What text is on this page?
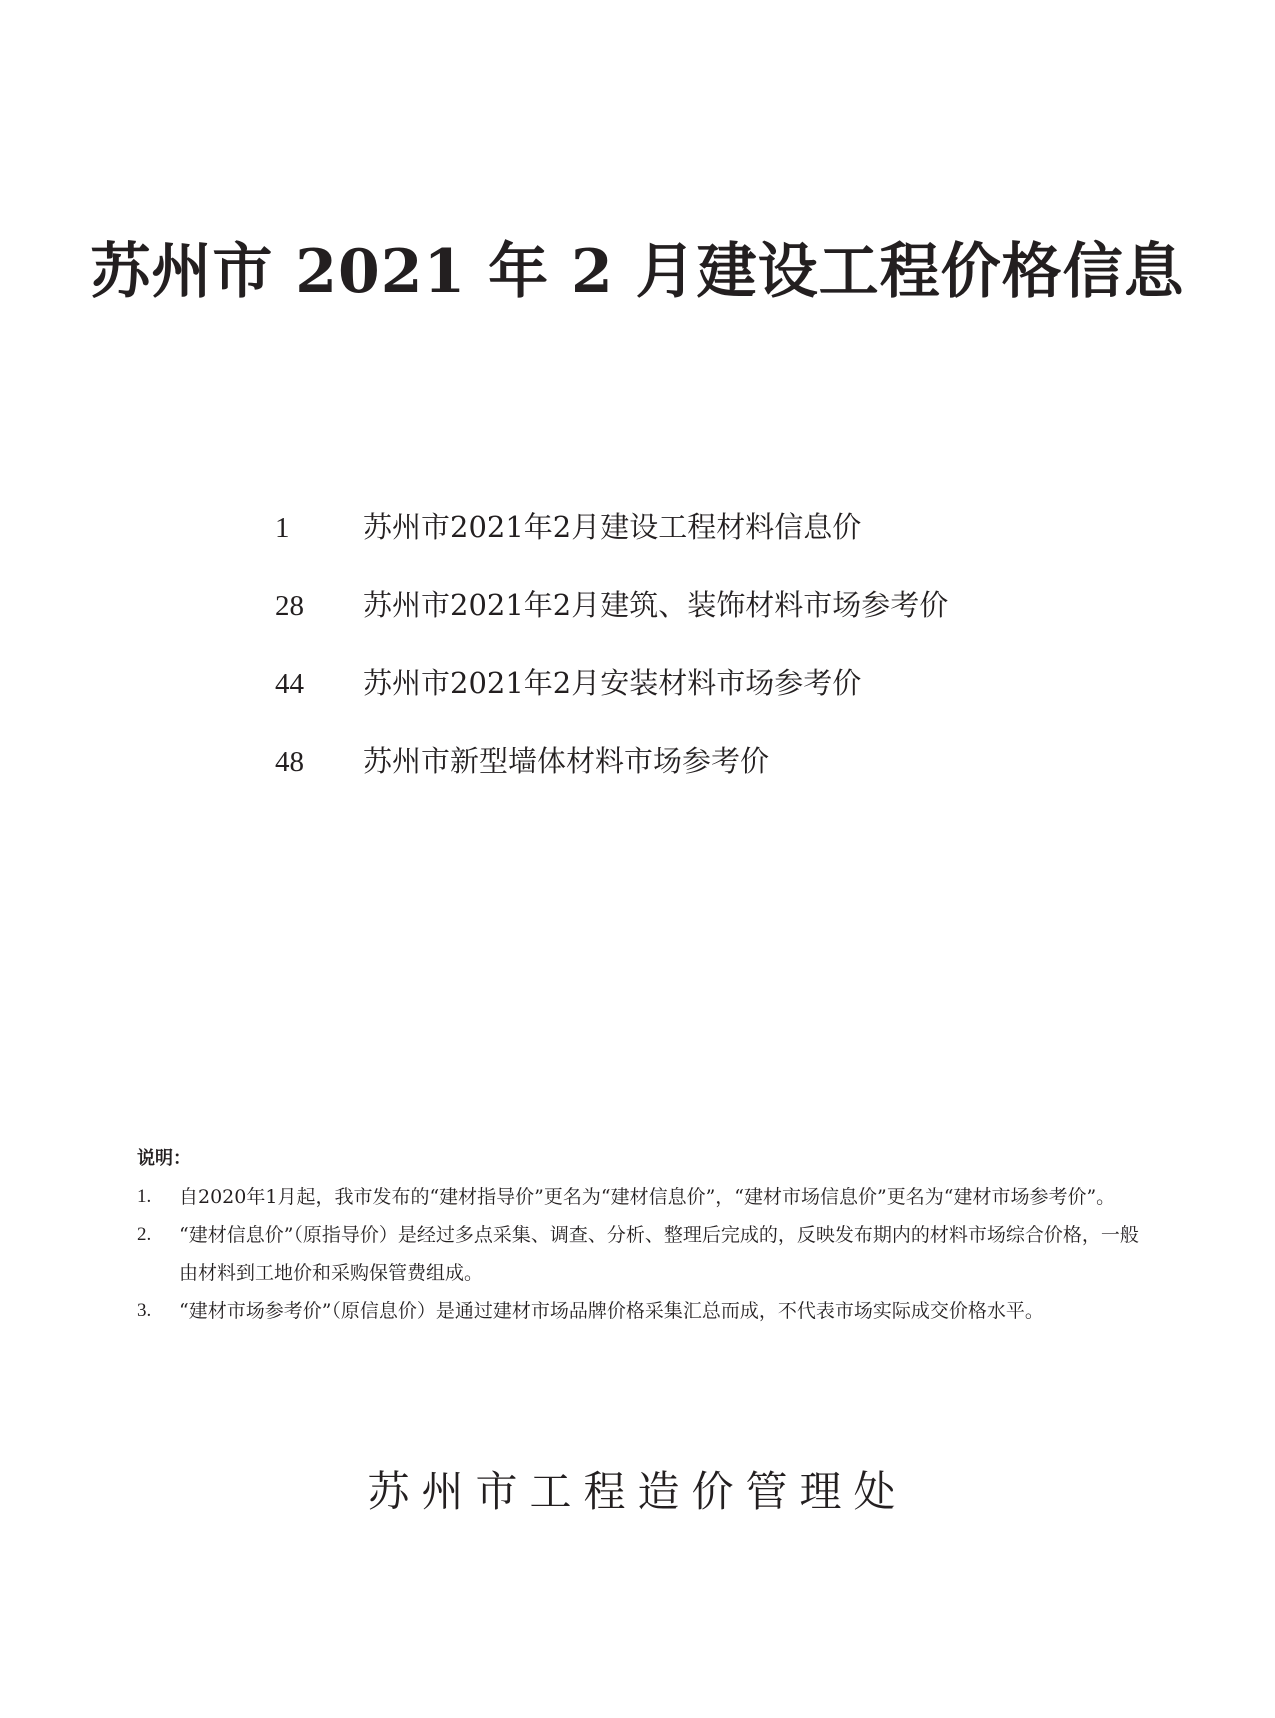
苏州市 2021 年 2 月建设工程价格信息
1	苏州市2021年2月建设工程材料信息价
28	苏州市2021年2月建筑、装饰材料市场参考价
44	苏州市2021年2月安装材料市场参考价
48	苏州市新型墙体材料市场参考价

说明：

1. 自2020年1月起，我市发布的“建材指导价”更名为“建材信息价”，“建材市场信息价”更名为“建材市场参考价”。
2. “建材信息价”（原指导价）是经过多点采集、调查、分析、整理后完成的，反映发布期内的材料市场综合价格，一般由材料到工地价和采购保管费组成。
3. “建材市场参考价”（原信息价）是通过建材市场品牌价格采集汇总而成，不代表市场实际成交价格水平。

苏州市工程造价管理处
